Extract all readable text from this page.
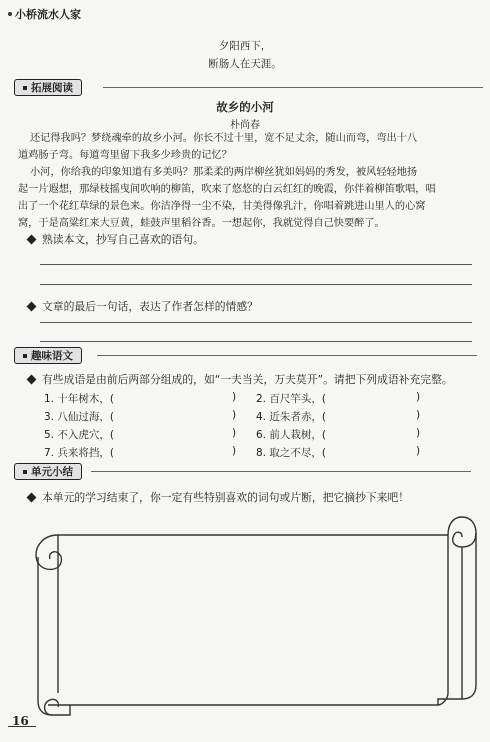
小桥流水人家
夕阳西下，
断肠人在天涯。
拓展阅读
故乡的小河
朴尚春
还记得我吗？梦绕魂牵的故乡小河。你长不过十里，宽不足丈余，随山而弯，弯出十八
道鸡肠子弯。每道弯里留下我多少珍贵的记忆？
小河，你给我的印象知道有多美吗？那柔柔的两岸柳丝犹如妈妈的秀发，被风轻轻地扬
起一片遐想，那绿枝摇曳间吹响的柳笛，吹来了悠悠的白云红红的晚霞，你伴着柳笛歌唱，唱
出了一个花红草绿的景色来。你洁净得一尘不染，甘美得像乳汁，你唱着跳进山里人的心窝
窝，于是高粱红来大豆黄，蛙鼓声里稻谷香。一想起你，我就觉得自己快要醉了。
熟读本文，抄写自己喜欢的语句。
文章的最后一句话，表达了作者怎样的情感？
趣味语文
有些成语是由前后两部分组成的，如“一夫当关，万夫莫开”。请把下列成语补充完整。
1. 十年树木，(	) 2. 百尺竿头，(	)
3. 八仙过海，(	) 4. 近朱者赤，(	)
5. 不入虎穴，(	) 6. 前人栽树，(	)
7. 兵来将挡，(	) 8. 取之不尽，(	)
单元小结
本单元的学习结束了，你一定有些特别喜欢的词句或片断，把它摘抄下来吧！
16
